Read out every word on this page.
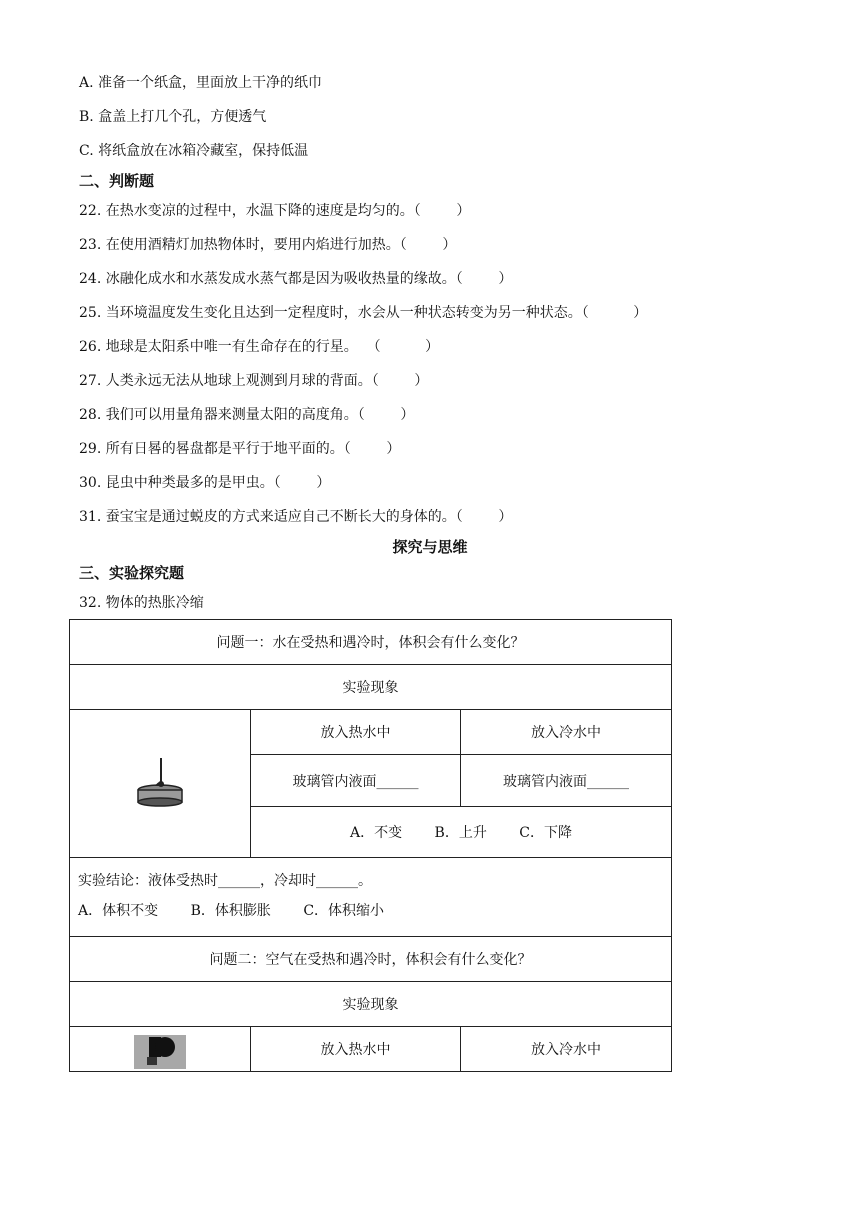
A. 准备一个纸盒，里面放上干净的纸巾
B. 盒盖上打几个孔，方便透气
C. 将纸盒放在冰箱冷藏室，保持低温
二、判断题
22. 在热水变凉的过程中，水温下降的速度是均匀的。（        ）
23. 在使用酒精灯加热物体时，要用内焰进行加热。（        ）
24. 冰融化成水和水蒸发成水蒸气都是因为吸收热量的缘故。（        ）
25. 当环境温度发生变化且达到一定程度时，水会从一种状态转变为另一种状态。（          ）
26. 地球是太阳系中唯一有生命存在的行星。  （          ）
27. 人类永远无法从地球上观测到月球的背面。（        ）
28. 我们可以用量角器来测量太阳的高度角。（        ）
29. 所有日晷的晷盘都是平行于地平面的。（        ）
30. 昆虫中种类最多的是甲虫。（        ）
31. 蚕宝宝是通过蜕皮的方式来适应自己不断长大的身体的。（        ）
探究与思维
三、实验探究题
32. 物体的热胀冷缩
问题一：水在受热和遇冷时，体积会有什么变化？		
实验现象		

	放入热水中	放入冷水中
	玻璃管内液面______	玻璃管内液面______
	A．不变 B．上升 C．下降	

实验结论：液体受热时______，冷却时______。
A．体积不变 B．体积膨胀 C．体积缩小		

问题二：空气在受热和遇冷时，体积会有什么变化？		
实验现象		

	放入热水中	放入冷水中
